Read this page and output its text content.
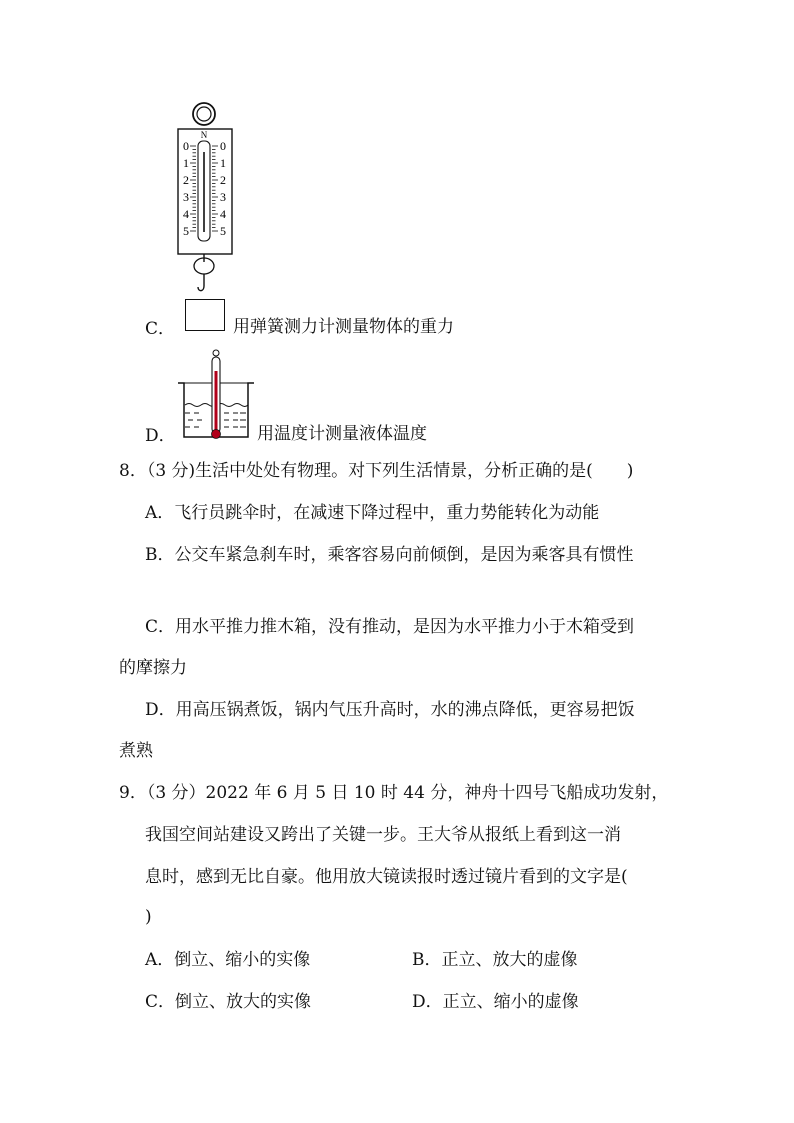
N
0	0
1	1
2	2
3	3
4	4
5	5
C．	用弹簧测力计测量物体的重力
D．	用温度计测量液体温度
8．（3 分)生活中处处有物理。对下列生活情景，分析正确的是(　　)
A．飞行员跳伞时，在减速下降过程中，重力势能转化为动能
B．公交车紧急刹车时，乘客容易向前倾倒，是因为乘客具有惯性
C．用水平推力推木箱，没有推动，是因为水平推力小于木箱受到
的摩擦力
D．用高压锅煮饭，锅内气压升高时，水的沸点降低，更容易把饭
煮熟
9．（3 分）2022 年 6 月 5 日 10 时 44 分，神舟十四号飞船成功发射，
我国空间站建设又跨出了关键一步。王大爷从报纸上看到这一消
息时，感到无比自豪。他用放大镜读报时透过镜片看到的文字是(
)
A．倒立、缩小的实像	B．正立、放大的虚像
C．倒立、放大的实像	D．正立、缩小的虚像
